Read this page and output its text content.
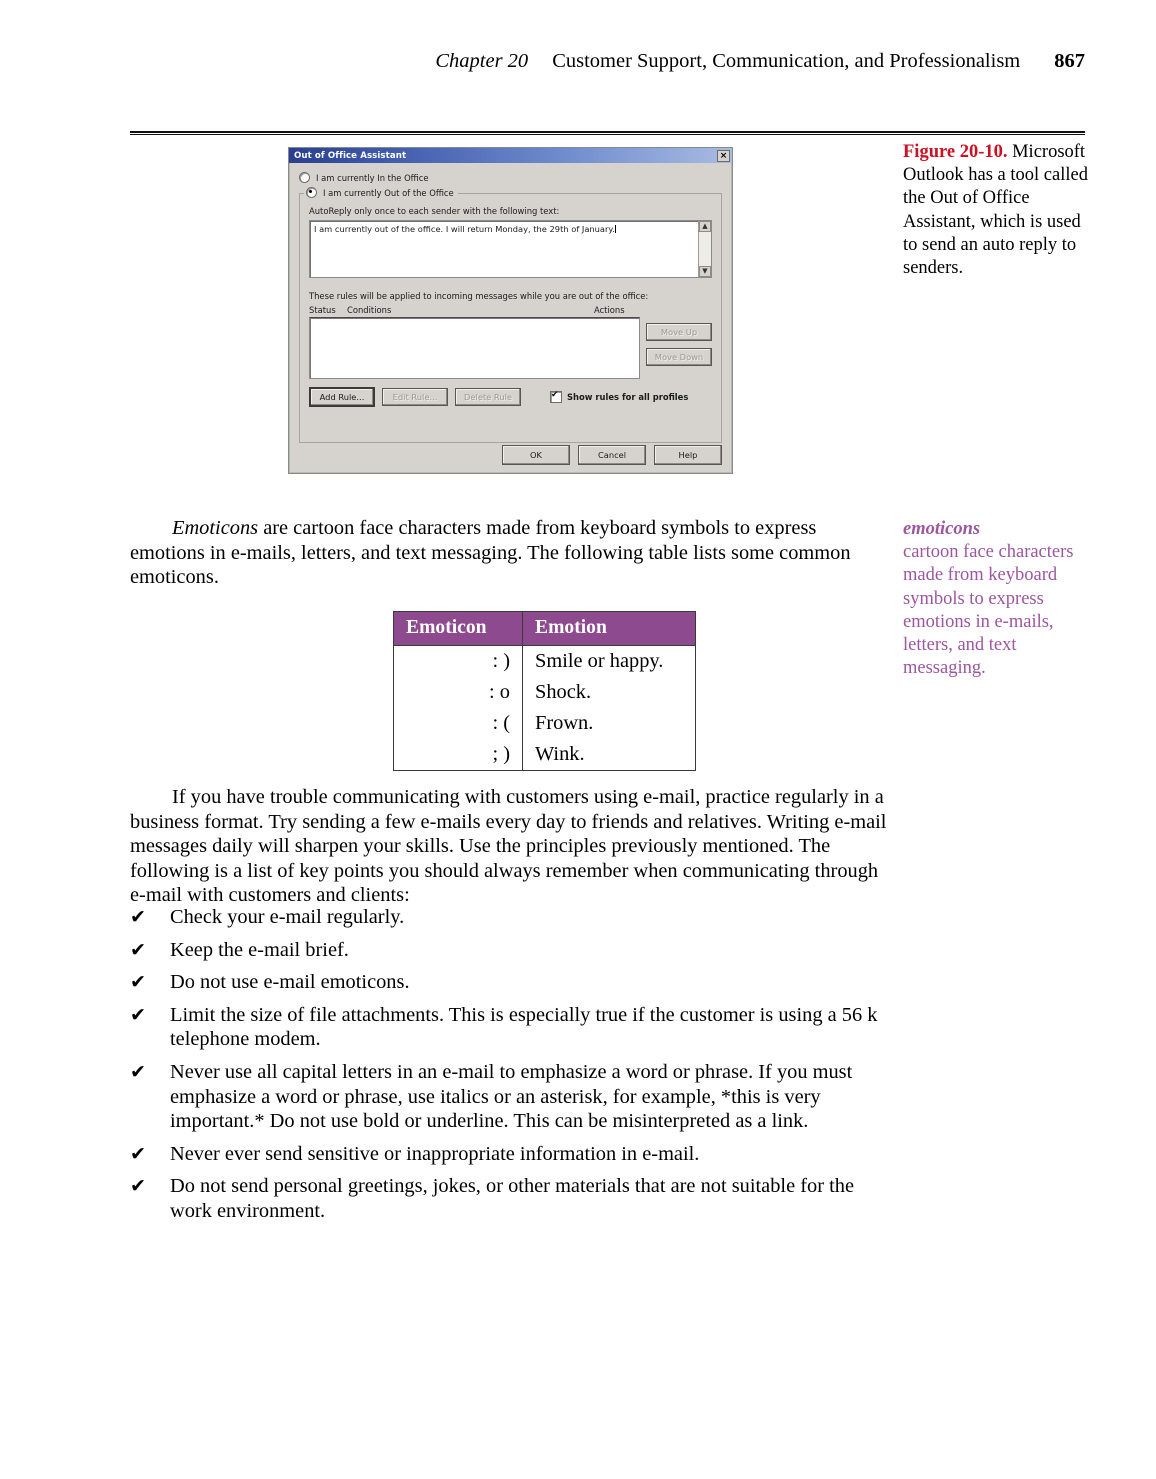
Chapter 20 Customer Support, Communication, and Professionalism 867
Out of Office Assistant	×
I am currently In the Office
I am currently Out of the Office
AutoReply only once to each sender with the following text:
I am currently out of the office. I will return Monday, the 29th of January.	▲
▼
These rules will be applied to incoming messages while you are out of the office:
Status	Conditions	Actions
Move Up
Move Down
Add Rule...	Edit Rule...	Delete Rule ✔	Show rules for all profiles
OK	Cancel	Help
Figure 20-10. Microsoft Outlook has a tool called the Out of Office Assistant, which is used to send an auto reply to senders.
emoticons
cartoon face characters made from keyboard symbols to express emotions in e-mails, letters, and text messaging.

Emoticons are cartoon face characters made from keyboard symbols to express emotions in e-mails, letters, and text messaging. The following table lists some common emoticons.

Emoticon	Emotion
: )	Smile or happy.
: o	Shock.
: (	Frown.
; )	Wink.

If you have trouble communicating with customers using e-mail, practice regularly in a business format. Try sending a few e-mails every day to friends and relatives. Writing e-mail messages daily will sharpen your skills. Use the principles previously mentioned. The following is a list of key points you should always remember when communicating through e-mail with customers and clients:

✔	Check your e-mail regularly.
✔	Keep the e-mail brief.
✔	Do not use e-mail emoticons.
✔	Limit the size of file attachments. This is especially true if the customer is using a 56 k telephone modem.
✔	Never use all capital letters in an e-mail to emphasize a word or phrase. If you must emphasize a word or phrase, use italics or an asterisk, for example, *this is very important.* Do not use bold or underline. This can be misinterpreted as a link.
✔	Never ever send sensitive or inappropriate information in e-mail.
✔	Do not send personal greetings, jokes, or other materials that are not suitable for the work environment.
